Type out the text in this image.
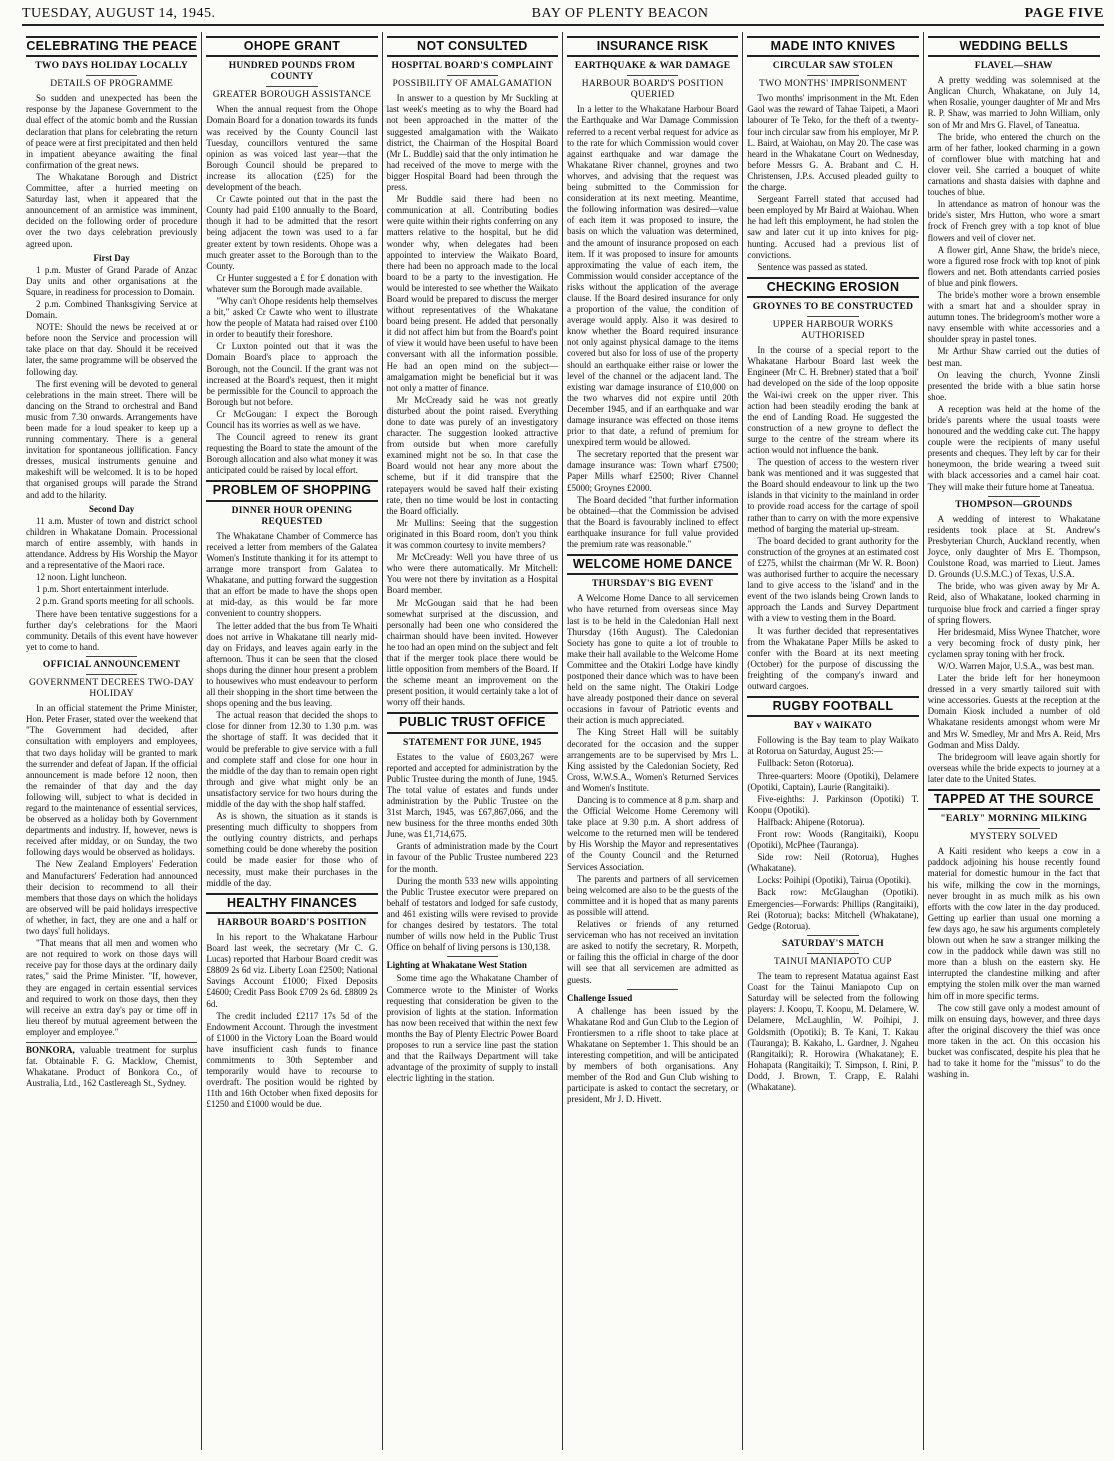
TUESDAY, AUGUST 14, 1945.	BAY OF PLENTY BEACON	PAGE FIVE
CELEBRATING THE PEACE
TWO DAYS HOLIDAY LOCALLY
DETAILS OF PROGRAMME

So sudden and unexpected has been the response by the Japanese Government to the dual effect of the atomic bomb and the Russian declaration that plans for celebrating the return of peace were at first precipitated and then held in impatient abeyance awaiting the final confirmation of the great news.

The Whakatane Borough and District Committee, after a hurried meeting on Saturday last, when it appeared that the announcement of an armistice was imminent, decided on the following order of procedure over the two days celebration previously agreed upon.

First Day

1 p.m. Muster of Grand Parade of Anzac Day units and other organisations at the Square, in readiness for procession to Domain.

2 p.m. Combined Thanksgiving Service at Domain.

NOTE: Should the news be received at or before noon the Service and procession will take place on that day. Should it be received later, the same programme will be observed the following day.

The first evening will be devoted to general celebrations in the main street. There will be dancing on the Strand to orchestral and Band music from 7.30 onwards. Arrangements have been made for a loud speaker to keep up a running commentary. There is a general invitation for spontaneous jollification. Fancy dresses, musical instruments genuine and makeshift will be welcomed. It is to be hoped that organised groups will parade the Strand and add to the hilarity.

Second Day

11 a.m. Muster of town and district school children in Whakatane Domain. Processional march of entire assembly, with hands in attendance. Address by His Worship the Mayor and a representative of the Maori race.

12 noon. Light luncheon.

1 p.m. Short entertainment interlude.

2 p.m. Grand sports meeting for all schools.

There have been tentative suggestions for a further day's celebrations for the Maori community. Details of this event have however yet to come to hand.

OFFICIAL ANNOUNCEMENT
GOVERNMENT DECREES TWO-DAY HOLIDAY

In an official statement the Prime Minister, Hon. Peter Fraser, stated over the weekend that "The Government had decided, after consultation with employers and employees, that two days holiday will be granted to mark the surrender and defeat of Japan. If the official announcement is made before 12 noon, then the remainder of that day and the day following will, subject to what is decided in regard to the maintenance of essential services, be observed as a holiday both by Government departments and industry. If, however, news is received after midday, or on Sunday, the two following days would be observed as holidays.

The New Zealand Employers' Federation and Manufacturers' Federation had announced their decision to recommend to all their members that those days on which the holidays are observed will be paid holidays irrespective of whether, in fact, they are one and a half or two days' full holidays.

"That means that all men and women who are not required to work on those days will receive pay for those days at the ordinary daily rates," said the Prime Minister. "If, however, they are engaged in certain essential services and required to work on those days, then they will receive an extra day's pay or time off in lieu thereof by mutual agreement between the employer and employee."

BONKORA, valuable treatment for surplus fat. Obtainable F. G. Macklow, Chemist, Whakatane. Product of Bonkora Co., of Australia, Ltd., 162 Castlereagh St., Sydney.

OHOPE GRANT
HUNDRED POUNDS FROM COUNTY
GREATER BOROUGH ASSISTANCE

When the annual request from the Ohope Domain Board for a donation towards its funds was received by the County Council last Tuesday, councillors ventured the same opinion as was voiced last year—that the Borough Council should be prepared to increase its allocation (£25) for the development of the beach.

Cr Cawte pointed out that in the past the County had paid £100 annually to the Board, though it had to be admitted that the resort being adjacent the town was used to a far greater extent by town residents. Ohope was a much greater asset to the Borough than to the County.

Cr Hunter suggested a £ for £ donation with whatever sum the Borough made available.

"Why can't Ohope residents help themselves a bit," asked Cr Cawte who went to illustrate how the people of Matata had raised over £100 in order to beautify their foreshore.

Cr Luxton pointed out that it was the Domain Board's place to approach the Borough, not the Council. If the grant was not increased at the Board's request, then it might be permissible for the Council to approach the Borough but not before.

Cr McGougan: I expect the Borough Council has its worries as well as we have.

The Council agreed to renew its grant requesting the Board to state the amount of the Borough allocation and also what money it was anticipated could be raised by local effort.

PROBLEM OF SHOPPING
DINNER HOUR OPENING REQUESTED

The Whakatane Chamber of Commerce has received a letter from members of the Galatea Women's Institute thanking it for its attempt to arrange more transport from Galatea to Whakatane, and putting forward the suggestion that an effort be made to have the shops open at mid-day, as this would be far more convenient to country shoppers.

The letter added that the bus from Te Whaiti does not arrive in Whakatane till nearly mid-day on Fridays, and leaves again early in the afternoon. Thus it can be seen that the closed shops during the dinner hour present a problem to housewives who must endeavour to perform all their shopping in the short time between the shops opening and the bus leaving.

The actual reason that decided the shops to close for dinner from 12.30 to 1.30 p.m. was the shortage of staff. It was decided that it would be preferable to give service with a full and complete staff and close for one hour in the middle of the day than to remain open right through and give what might only be an unsatisfactory service for two hours during the middle of the day with the shop half staffed.

As is shown, the situation as it stands is presenting much difficulty to shoppers from the outlying country districts, and perhaps something could be done whereby the position could be made easier for those who of necessity, must make their purchases in the middle of the day.

HEALTHY FINANCES
HARBOUR BOARD'S POSITION

In his report to the Whakatane Harbour Board last week, the secretary (Mr C. G. Lucas) reported that Harbour Board credit was £8809 2s 6d viz. Liberty Loan £2500; National Savings Account £1000; Fixed Deposits £4600; Credit Pass Book £709 2s 6d. £8809 2s 6d.

The credit included £2117 17s 5d of the Endowment Account. Through the investment of £1000 in the Victory Loan the Board would have insufficient cash funds to finance commitments to 30th September and temporarily would have to recourse to overdraft. The position would be righted by 11th and 16th October when fixed deposits for £1250 and £1000 would be due.

NOT CONSULTED
HOSPITAL BOARD'S COMPLAINT
POSSIBILITY OF AMALGAMATION

In answer to a question by Mr Suckling at last week's meeting as to why the Board had not been approached in the matter of the suggested amalgamation with the Waikato district, the Chairman of the Hospital Board (Mr L. Buddle) said that the only intimation he had received of the move to merge with the bigger Hospital Board had been through the press.

Mr Buddle said there had been no communication at all. Contributing bodies were quite within their rights conferring on any matters relative to the hospital, but he did wonder why, when delegates had been appointed to interview the Waikato Board, there had been no approach made to the local board to be a party to the investigation. He would be interested to see whether the Waikato Board would be prepared to discuss the merger without representatives of the Whakatane board being present. He added that personally it did not affect him but from the Board's point of view it would have been useful to have been conversant with all the information possible. He had an open mind on the subject—amalgamation might be beneficial but it was not only a matter of finance.

Mr McCready said he was not greatly disturbed about the point raised. Everything done to date was purely of an investigatory character. The suggestion looked attractive from outside but when more carefully examined might not be so. In that case the Board would not hear any more about the scheme, but if it did transpire that the ratepayers would be saved half their existing rate, then no time would be lost in contacting the Board officially.

Mr Mullins: Seeing that the suggestion originated in this Board room, don't you think it was common courtesy to invite members?

Mr McCready: Well you have three of us who were there automatically. Mr Mitchell: You were not there by invitation as a Hospital Board member.

Mr McGougan said that he had been somewhat surprised at the discussion, and personally had been one who considered the chairman should have been invited. However he too had an open mind on the subject and felt that if the merger took place there would be little opposition from members of the Board. If the scheme meant an improvement on the present position, it would certainly take a lot of worry off their hands.

PUBLIC TRUST OFFICE
STATEMENT FOR JUNE, 1945

Estates to the value of £603,267 were reported and accepted for administration by the Public Trustee during the month of June, 1945. The total value of estates and funds under administration by the Public Trustee on the 31st March, 1945, was £67,867,066, and the new business for the three months ended 30th June, was £1,714,675.

Grants of administration made by the Court in favour of the Public Trustee numbered 223 for the month.

During the month 533 new wills appointing the Public Trustee executor were prepared on behalf of testators and lodged for safe custody, and 461 existing wills were revised to provide for changes desired by testators. The total number of wills now held in the Public Trust Office on behalf of living persons is 130,138.

Lighting at Whakatane West Station

Some time ago the Whakatane Chamber of Commerce wrote to the Minister of Works requesting that consideration be given to the provision of lights at the station. Information has now been received that within the next few months the Bay of Plenty Electric Power Board proposes to run a service line past the station and that the Railways Department will take advantage of the proximity of supply to install electric lighting in the station.

INSURANCE RISK
EARTHQUAKE & WAR DAMAGE
HARBOUR BOARD'S POSITION QUERIED

In a letter to the Whakatane Harbour Board the Earthquake and War Damage Commission referred to a recent verbal request for advice as to the rate for which Commission would cover against earthquake and war damage the Whakatane River channel, groynes and two whorves, and advising that the request was being submitted to the Commission for consideration at its next meeting. Meantime, the following information was desired—value of each item it was proposed to insure, the basis on which the valuation was determined, and the amount of insurance proposed on each item. If it was proposed to insure for amounts approximating the value of each item, the Commission would consider acceptance of the risks without the application of the average clause. If the Board desired insurance for only a proportion of the value, the condition of average would apply. Also it was desired to know whether the Board required insurance not only against physical damage to the items covered but also for loss of use of the property should an earthquake either raise or lower the level of the channel or the adjacent land. The existing war damage insurance of £10,000 on the two wharves did not expire until 20th December 1945, and if an earthquake and war damage insurance was effected on those items prior to that date, a refund of premium for unexpired term would be allowed.

The secretary reported that the present war damage insurance was: Town wharf £7500; Paper Mills wharf £2500; River Channel £5000; Groynes £2000.

The Board decided "that further information be obtained—that the Commission be advised that the Board is favourably inclined to effect earthquake insurance for full value provided the premium rate was reasonable."

WELCOME HOME DANCE
THURSDAY'S BIG EVENT

A Welcome Home Dance to all servicemen who have returned from overseas since May last is to be held in the Caledonian Hall next Thursday (16th August). The Caledonian Society has gone to quite a lot of trouble to make their hall available to the Welcome Home Committee and the Otakiri Lodge have kindly postponed their dance which was to have been held on the same night. The Otakiri Lodge have already postponed their dance on several occasions in favour of Patriotic events and their action is much appreciated.

The King Street Hall will be suitably decorated for the occasion and the supper arrangements are to be supervised by Mrs L. King assisted by the Caledonian Society, Red Cross, W.W.S.A., Women's Returned Services and Women's Institute.

Dancing is to commence at 8 p.m. sharp and the Official Welcome Home Ceremony will take place at 9.30 p.m. A short address of welcome to the returned men will be tendered by His Worship the Mayor and representatives of the County Council and the Returned Services Association.

The parents and partners of all servicemen being welcomed are also to be the guests of the committee and it is hoped that as many parents as possible will attend.

Relatives or friends of any returned serviceman who has not received an invitation are asked to notify the secretary, R. Morpeth, or failing this the official in charge of the door will see that all servicemen are admitted as guests.

Challenge Issued

A challenge has been issued by the Whakatane Rod and Gun Club to the Legion of Frontiersmen to a rifle shoot to take place at Whakatane on September 1. This should be an interesting competition, and will be anticipated by members of both organisations. Any member of the Rod and Gun Club wishing to participate is asked to contact the secretary, or president, Mr J. D. Hivett.

MADE INTO KNIVES
CIRCULAR SAW STOLEN
TWO MONTHS' IMPRISONMENT

Two months' imprisonment in the Mt. Eden Gaol was the reward of Tahae Taipeti, a Maori labourer of Te Teko, for the theft of a twenty-four inch circular saw from his employer, Mr P. L. Baird, at Waiohau, on May 20. The case was heard in the Whakatane Court on Wednesday, before Messrs G. A. Brabant and C. H. Christensen, J.P.s. Accused pleaded guilty to the charge.

Sergeant Farrell stated that accused had been employed by Mr Baird at Waiohau. When he had left this employment, he had stolen the saw and later cut it up into knives for pig-hunting. Accused had a previous list of convictions.

Sentence was passed as stated.

CHECKING EROSION
GROYNES TO BE CONSTRUCTED
UPPER HARBOUR WORKS AUTHORISED

In the course of a special report to the Whakatane Harbour Board last week the Engineer (Mr C. H. Brebner) stated that a 'boil' had developed on the side of the loop opposite the Wai-iwi creek on the upper river. This action had been steadily eroding the bank at the end of Landing Road. He suggested the construction of a new groyne to deflect the surge to the centre of the stream where its action would not influence the bank.

The question of access to the western river bank was mentioned and it was suggested that the Board should endeavour to link up the two islands in that vicinity to the mainland in order to provide road access for the cartage of spoil rather than to carry on with the more expensive method of barging the material up-stream.

The board decided to grant authority for the construction of the groynes at an estimated cost of £275, whilst the chairman (Mr W. R. Boon) was authorised further to acquire the necessary land to give access to the 'island' and in the event of the two islands being Crown lands to approach the Lands and Survey Department with a view to vesting them in the Board.

It was further decided that representatives from the Whakatane Paper Mills be asked to confer with the Board at its next meeting (October) for the purpose of discussing the freighting of the company's inward and outward cargoes.

RUGBY FOOTBALL
BAY v WAIKATO

Following is the Bay team to play Waikato at Rotorua on Saturday, August 25:—

Fullback: Seton (Rotorua).

Three-quarters: Moore (Opotiki), Delamere (Opotiki, Captain), Laurie (Rangitaiki).

Five-eighths: J. Parkinson (Opotiki) T. Koopu (Opotiki).

Halfback: Ahipene (Rotorua).

Front row: Woods (Rangitaiki), Koopu (Opotiki), McPhee (Tauranga).

Side row: Neil (Rotorua), Hughes (Whakatane).

Locks: Poihipi (Opotiki), Tairua (Opotiki).

Back row: McGlaughan (Opotiki). Emergencies—Forwards: Phillips (Rangitaiki), Rei (Rotorua); backs: Mitchell (Whakatane), Gedge (Rotorua).

SATURDAY'S MATCH
TAINUI MANIAPOTO CUP

The team to represent Matatua against East Coast for the Tainui Maniapoto Cup on Saturday will be selected from the following players: J. Koopu, T. Koopu, M. Delamere, W. Delamere, McLaughlin, W. Poihipi, J. Goldsmith (Opotiki); B. Te Kani, T. Kakau (Tauranga); B. Kakaho, L. Gardner, J. Ngaheu (Rangitaiki); R. Horowira (Whakatane); E. Hohapata (Rangitaiki); T. Simpson, I. Rini, P. Dodd, J. Brown, T. Crapp, E. Ralahi (Whakatane).

WEDDING BELLS
FLAVEL—SHAW

A pretty wedding was solemnised at the Anglican Church, Whakatane, on July 14, when Rosalie, younger daughter of Mr and Mrs R. P. Shaw, was married to John William, only son of Mr and Mrs G. Flavel, of Taneatua.

The bride, who entered the church on the arm of her father, looked charming in a gown of cornflower blue with matching hat and clover veil. She carried a bouquet of white carnations and shasta daisies with daphne and touches of blue.

In attendance as matron of honour was the bride's sister, Mrs Hutton, who wore a smart frock of French grey with a top knot of blue flowers and veil of clover net.

A flower girl, Anne Shaw, the bride's niece, wore a figured rose frock with top knot of pink flowers and net. Both attendants carried posies of blue and pink flowers.

The bride's mother wore a brown ensemble with a smart hat and a shoulder spray in autumn tones. The bridegroom's mother wore a navy ensemble with white accessories and a shoulder spray in pastel tones.

Mr Arthur Shaw carried out the duties of best man.

On leaving the church, Yvonne Zinsli presented the bride with a blue satin horse shoe.

A reception was held at the home of the bride's parents where the usual toasts were honoured and the wedding cake cut. The happy couple were the recipients of many useful presents and cheques. They left by car for their honeymoon, the bride wearing a tweed suit with black accessories and a camel hair coat. They will make their future home at Taneatua.

THOMPSON—GROUNDS

A wedding of interest to Whakatane residents took place at St. Andrew's Presbyterian Church, Auckland recently, when Joyce, only daughter of Mrs E. Thompson, Coulstone Road, was married to Lieut. James D. Grounds (U.S.M.C.) of Texas, U.S.A.

The bride, who was given away by Mr A. Reid, also of Whakatane, looked charming in turquoise blue frock and carried a finger spray of spring flowers.

Her bridesmaid, Miss Wynee Thatcher, wore a very becoming frock of dusty pink, her cyclamen spray toning with her frock.

W/O. Warren Major, U.S.A., was best man.

Later the bride left for her honeymoon dressed in a very smartly tailored suit with wine accessories. Guests at the reception at the Domain Kiosk included a number of old Whakatane residents amongst whom were Mr and Mrs W. Smedley, Mr and Mrs A. Reid, Mrs Godman and Miss Daldy.

The bridegroom will leave again shortly for overseas while the bride expects to journey at a later date to the United States.

TAPPED AT THE SOURCE
"EARLY" MORNING MILKING
MYSTERY SOLVED

A Kaiti resident who keeps a cow in a paddock adjoining his house recently found material for domestic humour in the fact that his wife, milking the cow in the mornings, never brought in as much milk as his own efforts with the cow later in the day produced. Getting up earlier than usual one morning a few days ago, he saw his arguments completely blown out when he saw a stranger milking the cow in the paddock while dawn was still no more than a blush on the eastern sky. He interrupted the clandestine milking and after emptying the stolen milk over the man warned him off in more specific terms.

The cow still gave only a modest amount of milk on ensuing days, however, and three days after the original discovery the thief was once more taken in the act. On this occasion his bucket was confiscated, despite his plea that he had to take it home for the "missus" to do the washing in.
